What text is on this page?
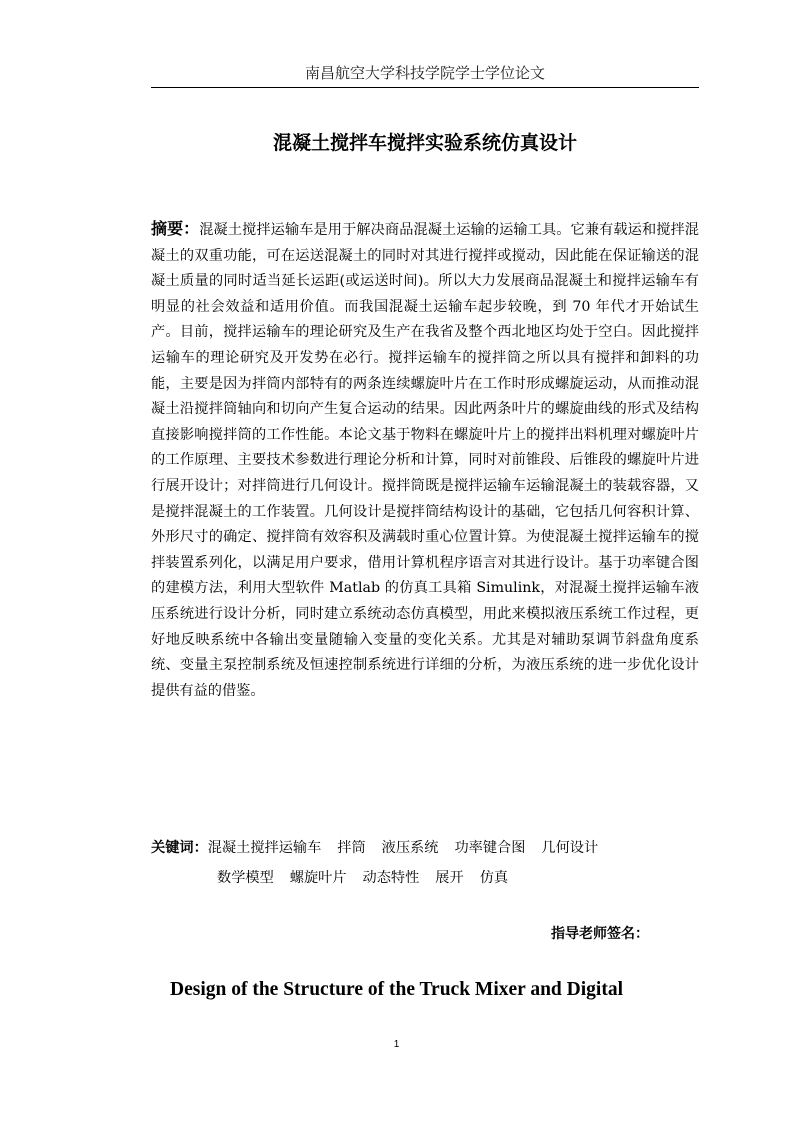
南昌航空大学科技学院学士学位论文
混凝土搅拌车搅拌实验系统仿真设计
摘要：混凝土搅拌运输车是用于解决商品混凝土运输的运输工具。它兼有载运和搅拌混凝土的双重功能，可在运送混凝土的同时对其进行搅拌或搅动，因此能在保证输送的混凝土质量的同时适当延长运距(或运送时间)。所以大力发展商品混凝土和搅拌运输车有明显的社会效益和适用价值。而我国混凝土运输车起步较晚，到 70 年代才开始试生产。目前，搅拌运输车的理论研究及生产在我省及整个西北地区均处于空白。因此搅拌运输车的理论研究及开发势在必行。搅拌运输车的搅拌筒之所以具有搅拌和卸料的功能，主要是因为拌筒内部特有的两条连续螺旋叶片在工作时形成螺旋运动，从而推动混凝土沿搅拌筒轴向和切向产生复合运动的结果。因此两条叶片的螺旋曲线的形式及结构直接影响搅拌筒的工作性能。本论文基于物料在螺旋叶片上的搅拌出料机理对螺旋叶片的工作原理、主要技术参数进行理论分析和计算，同时对前锥段、后锥段的螺旋叶片进行展开设计；对拌筒进行几何设计。搅拌筒既是搅拌运输车运输混凝土的装载容器，又是搅拌混凝土的工作装置。几何设计是搅拌筒结构设计的基础，它包括几何容积计算、外形尺寸的确定、搅拌筒有效容积及满载时重心位置计算。为使混凝土搅拌运输车的搅拌装置系列化，以满足用户要求，借用计算机程序语言对其进行设计。基于功率键合图的建模方法，利用大型软件 Matlab 的仿真工具箱 Simulink，对混凝土搅拌运输车液压系统进行设计分析，同时建立系统动态仿真模型，用此来模拟液压系统工作过程，更好地反映系统中各输出变量随输入变量的变化关系。尤其是对辅助泵调节斜盘角度系统、变量主泵控制系统及恒速控制系统进行详细的分析，为液压系统的进一步优化设计提供有益的借鉴。
关键词：混凝土搅拌运输车 拌筒 液压系统 功率键合图 几何设计
数学模型 螺旋叶片 动态特性 展开 仿真
指导老师签名：
Design of the Structure of the Truck Mixer and Digital
1
